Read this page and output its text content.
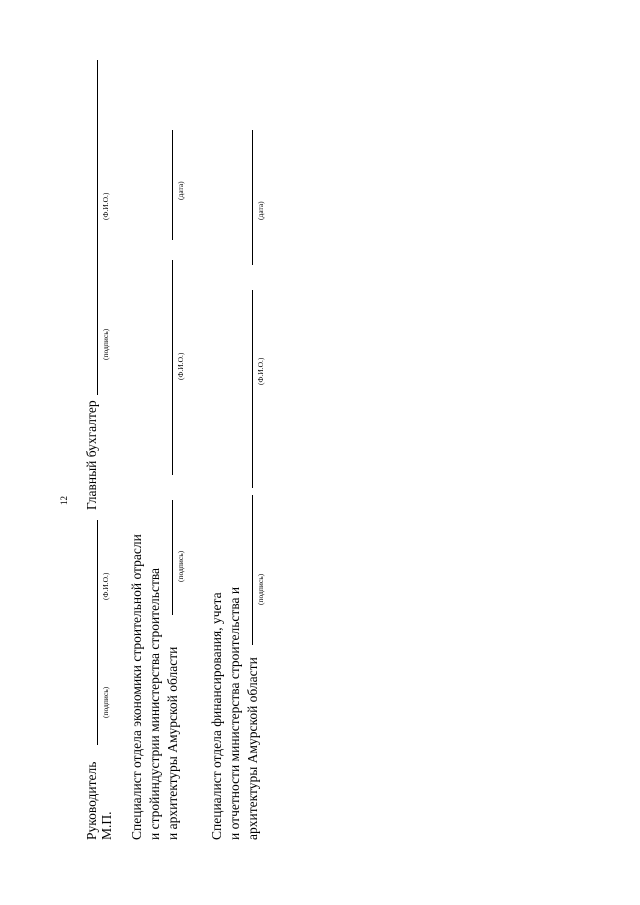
12
Руководитель М.П.
(подпись)
(Ф.И.О.)
Главный бухгалтер
(подпись)
(Ф.И.О.)
Специалист отдела экономики строительной отрасли и стройиндустрии министерства строительства и архитектуры Амурской области
(подпись)
(Ф.И.О.)
(дата)
Специалист отдела финансирования, учета и отчетности министерства строительства и архитектуры Амурской области
(подпись)
(Ф.И.О.)
(дата)
